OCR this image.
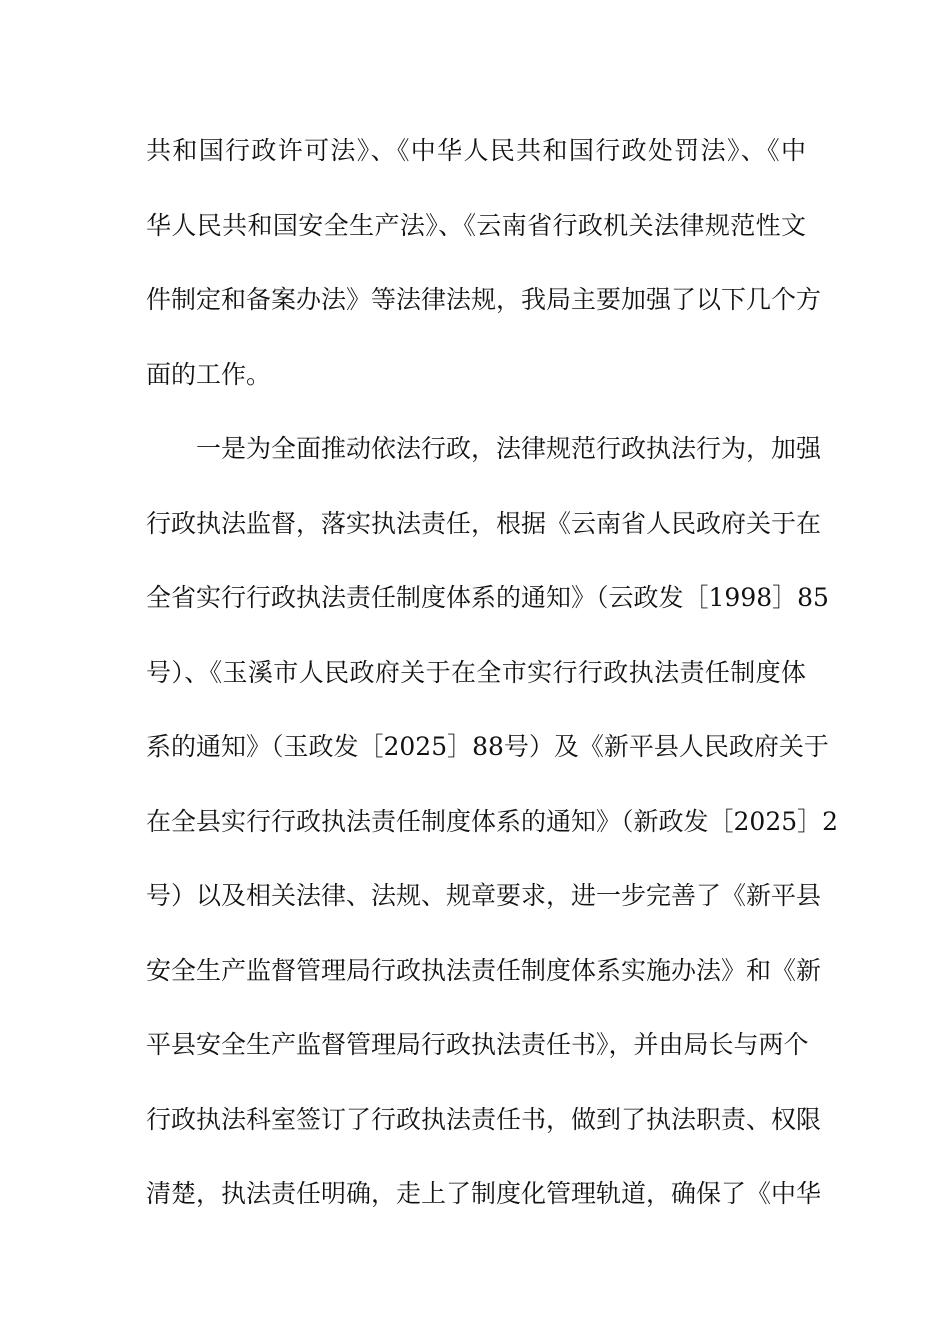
共和国行政许可法》、《中华人民共和国行政处罚法》、《中
华人民共和国安全生产法》、《云南省行政机关法律规范性文
件制定和备案办法》等法律法规，我局主要加强了以下几个方
面的工作。
一是为全面推动依法行政，法律规范行政执法行为，加强
行政执法监督，落实执法责任，根据《云南省人民政府关于在
全省实行行政执法责任制度体系的通知》（云政发［1998］85
号）、《玉溪市人民政府关于在全市实行行政执法责任制度体
系的通知》（玉政发［2025］88号）及《新平县人民政府关于
在全县实行行政执法责任制度体系的通知》（新政发［2025］2
号）以及相关法律、法规、规章要求，进一步完善了《新平县
安全生产监督管理局行政执法责任制度体系实施办法》和《新
平县安全生产监督管理局行政执法责任书》，并由局长与两个
行政执法科室签订了行政执法责任书，做到了执法职责、权限
清楚，执法责任明确，走上了制度化管理轨道，确保了《中华
